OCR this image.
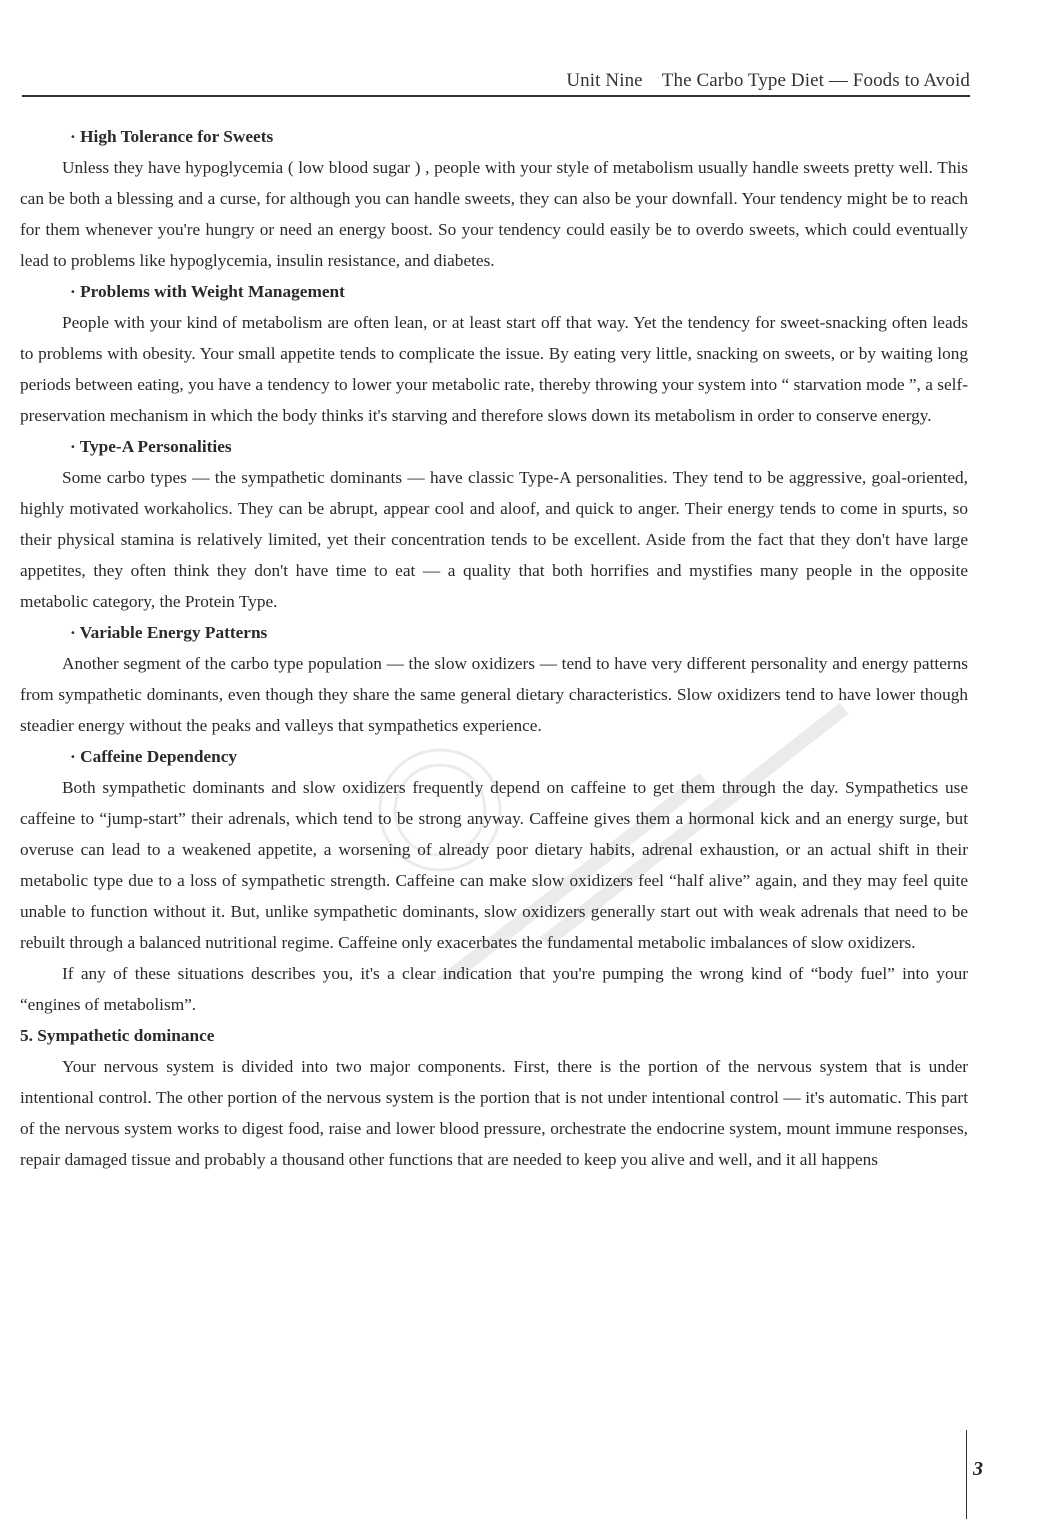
Unit Nine The Carbo Type Diet — Foods to Avoid

· High Tolerance for Sweets

Unless they have hypoglycemia ( low blood sugar ) , people with your style of metabolism usually handle sweets pretty well. This can be both a blessing and a curse, for although you can handle sweets, they can also be your downfall. Your tendency might be to reach for them whenever you're hungry or need an energy boost. So your tendency could easily be to overdo sweets, which could eventually lead to problems like hypoglycemia, insulin resistance, and diabetes.

· Problems with Weight Management

People with your kind of metabolism are often lean, or at least start off that way. Yet the tendency for sweet-snacking often leads to problems with obesity. Your small appetite tends to complicate the issue. By eating very little, snacking on sweets, or by waiting long periods between eating, you have a tendency to lower your metabolic rate, thereby throwing your system into “ starvation mode ”, a self-preservation mechanism in which the body thinks it's starving and therefore slows down its metabolism in order to conserve energy.

· Type-A Personalities

Some carbo types — the sympathetic dominants — have classic Type-A personalities. They tend to be aggressive, goal-oriented, highly motivated workaholics. They can be abrupt, appear cool and aloof, and quick to anger. Their energy tends to come in spurts, so their physical stamina is relatively limited, yet their concentration tends to be excellent. Aside from the fact that they don't have large appetites, they often think they don't have time to eat — a quality that both horrifies and mystifies many people in the opposite metabolic category, the Protein Type.

· Variable Energy Patterns

Another segment of the carbo type population — the slow oxidizers — tend to have very different personality and energy patterns from sympathetic dominants, even though they share the same general dietary characteristics. Slow oxidizers tend to have lower though steadier energy without the peaks and valleys that sympathetics experience.

· Caffeine Dependency

Both sympathetic dominants and slow oxidizers frequently depend on caffeine to get them through the day. Sympathetics use caffeine to “jump-start” their adrenals, which tend to be strong anyway. Caffeine gives them a hormonal kick and an energy surge, but overuse can lead to a weakened appetite, a worsening of already poor dietary habits, adrenal exhaustion, or an actual shift in their metabolic type due to a loss of sympathetic strength. Caffeine can make slow oxidizers feel “half alive” again, and they may feel quite unable to function without it. But, unlike sympathetic dominants, slow oxidizers generally start out with weak adrenals that need to be rebuilt through a balanced nutritional regime. Caffeine only exacerbates the fundamental metabolic imbalances of slow oxidizers.

If any of these situations describes you, it's a clear indication that you're pumping the wrong kind of “body fuel” into your “engines of metabolism”.

5. Sympathetic dominance

Your nervous system is divided into two major components. First, there is the portion of the nervous system that is under intentional control. The other portion of the nervous system is the portion that is not under intentional control — it's automatic. This part of the nervous system works to digest food, raise and lower blood pressure, orchestrate the endocrine system, mount immune responses, repair damaged tissue and probably a thousand other functions that are needed to keep you alive and well, and it all happens

3
